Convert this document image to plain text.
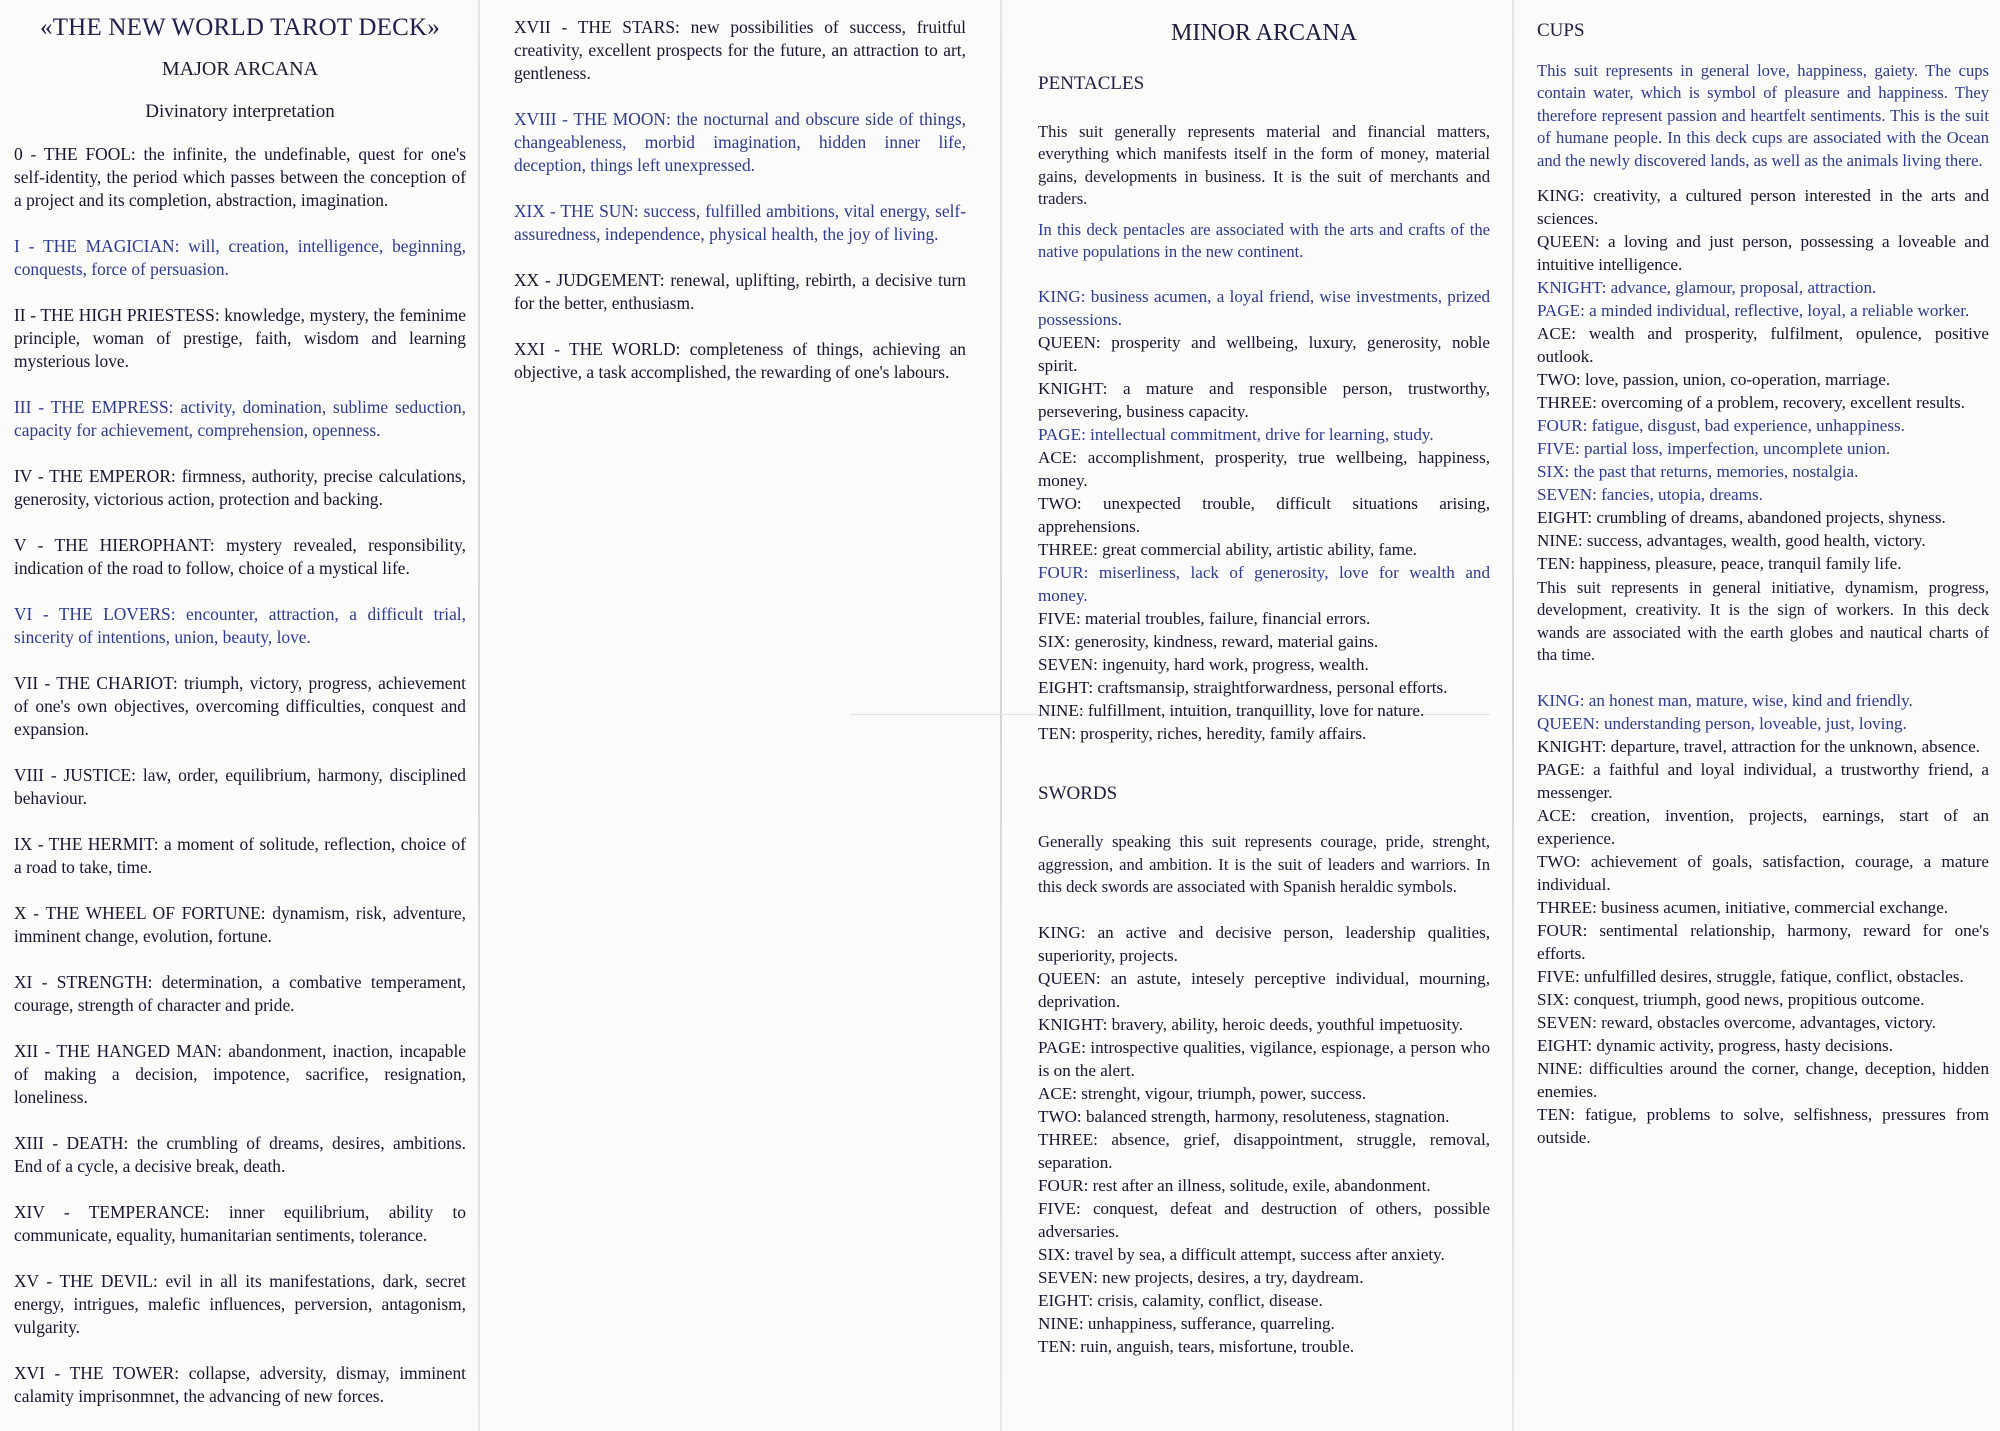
«THE NEW WORLD TAROT DECK»
MAJOR ARCANA
Divinatory interpretation

0 - THE FOOL: the infinite, the undefinable, quest for one's self-identity, the period which passes between the conception of a project and its completion, abstraction, imagination.

I - THE MAGICIAN: will, creation, intelligence, beginning, conquests, force of persuasion.

II - THE HIGH PRIESTESS: knowledge, mystery, the feminime principle, woman of prestige, faith, wisdom and learning mysterious love.

III - THE EMPRESS: activity, domination, sublime seduction, capacity for achievement, comprehension, openness.

IV - THE EMPEROR: firmness, authority, precise calculations, generosity, victorious action, protection and backing.

V - THE HIEROPHANT: mystery revealed, responsibility, indication of the road to follow, choice of a mystical life.

VI - THE LOVERS: encounter, attraction, a difficult trial, sincerity of intentions, union, beauty, love.

VII - THE CHARIOT: triumph, victory, progress, achievement of one's own objectives, overcoming difficulties, conquest and expansion.

VIII - JUSTICE: law, order, equilibrium, harmony, disciplined behaviour.

IX - THE HERMIT: a moment of solitude, reflection, choice of a road to take, time.

X - THE WHEEL OF FORTUNE: dynamism, risk, adventure, imminent change, evolution, fortune.

XI - STRENGTH: determination, a combative temperament, courage, strength of character and pride.

XII - THE HANGED MAN: abandonment, inaction, incapable of making a decision, impotence, sacrifice, resignation, loneliness.

XIII - DEATH: the crumbling of dreams, desires, ambitions. End of a cycle, a decisive break, death.

XIV - TEMPERANCE: inner equilibrium, ability to communicate, equality, humanitarian sentiments, tolerance.

XV - THE DEVIL: evil in all its manifestations, dark, secret energy, intrigues, malefic influences, perversion, antagonism, vulgarity.

XVI - THE TOWER: collapse, adversity, dismay, imminent calamity imprisonmnet, the advancing of new forces.

XVII - THE STARS: new possibilities of success, fruitful creativity, excellent prospects for the future, an attraction to art, gentleness.

XVIII - THE MOON: the nocturnal and obscure side of things, changeableness, morbid imagination, hidden inner life, deception, things left unexpressed.

XIX - THE SUN: success, fulfilled ambitions, vital energy, self-assuredness, independence, physical health, the joy of living.

XX - JUDGEMENT: renewal, uplifting, rebirth, a decisive turn for the better, enthusiasm.

XXI - THE WORLD: completeness of things, achieving an objective, a task accomplished, the rewarding of one's labours.

MINOR ARCANA
PENTACLES

This suit generally represents material and financial matters, everything which manifests itself in the form of money, material gains, developments in business. It is the suit of merchants and traders.

In this deck pentacles are associated with the arts and crafts of the native populations in the new continent.

KING: business acumen, a loyal friend, wise investments, prized possessions.

QUEEN: prosperity and wellbeing, luxury, generosity, noble spirit.

KNIGHT: a mature and responsible person, trustworthy, persevering, business capacity.

PAGE: intellectual commitment, drive for learning, study.

ACE: accomplishment, prosperity, true wellbeing, happiness, money.

TWO: unexpected trouble, difficult situations arising, apprehensions.

THREE: great commercial ability, artistic ability, fame.

FOUR: miserliness, lack of generosity, love for wealth and money.

FIVE: material troubles, failure, financial errors.

SIX: generosity, kindness, reward, material gains.

SEVEN: ingenuity, hard work, progress, wealth.

EIGHT: craftsmansip, straightforwardness, personal efforts.

NINE: fulfillment, intuition, tranquillity, love for nature.

TEN: prosperity, riches, heredity, family affairs.

SWORDS

Generally speaking this suit represents courage, pride, strenght, aggression, and ambition. It is the suit of leaders and warriors. In this deck swords are associated with Spanish heraldic symbols.

KING: an active and decisive person, leadership qualities, superiority, projects.

QUEEN: an astute, intesely perceptive individual, mourning, deprivation.

KNIGHT: bravery, ability, heroic deeds, youthful impetuosity.

PAGE: introspective qualities, vigilance, espionage, a person who is on the alert.

ACE: strenght, vigour, triumph, power, success.

TWO: balanced strength, harmony, resoluteness, stagnation.

THREE: absence, grief, disappointment, struggle, removal, separation.

FOUR: rest after an illness, solitude, exile, abandonment.

FIVE: conquest, defeat and destruction of others, possible adversaries.

SIX: travel by sea, a difficult attempt, success after anxiety.

SEVEN: new projects, desires, a try, daydream.

EIGHT: crisis, calamity, conflict, disease.

NINE: unhappiness, sufferance, quarreling.

TEN: ruin, anguish, tears, misfortune, trouble.

CUPS

This suit represents in general love, happiness, gaiety. The cups contain water, which is symbol of pleasure and happiness. They therefore represent passion and heartfelt sentiments. This is the suit of humane people. In this deck cups are associated with the Ocean and the newly discovered lands, as well as the animals living there.

KING: creativity, a cultured person interested in the arts and sciences.

QUEEN: a loving and just person, possessing a loveable and intuitive intelligence.

KNIGHT: advance, glamour, proposal, attraction.

PAGE: a minded individual, reflective, loyal, a reliable worker.

ACE: wealth and prosperity, fulfilment, opulence, positive outlook.

TWO: love, passion, union, co-operation, marriage.

THREE: overcoming of a problem, recovery, excellent results.

FOUR: fatigue, disgust, bad experience, unhappiness.

FIVE: partial loss, imperfection, uncomplete union.

SIX: the past that returns, memories, nostalgia.

SEVEN: fancies, utopia, dreams.

EIGHT: crumbling of dreams, abandoned projects, shyness.

NINE: success, advantages, wealth, good health, victory.

TEN: happiness, pleasure, peace, tranquil family life.

This suit represents in general initiative, dynamism, progress, development, creativity. It is the sign of workers. In this deck wands are associated with the earth globes and nautical charts of tha time.

KING: an honest man, mature, wise, kind and friendly.

QUEEN: understanding person, loveable, just, loving.

KNIGHT: departure, travel, attraction for the unknown, absence.

PAGE: a faithful and loyal individual, a trustworthy friend, a messenger.

ACE: creation, invention, projects, earnings, start of an experience.

TWO: achievement of goals, satisfaction, courage, a mature individual.

THREE: business acumen, initiative, commercial exchange.

FOUR: sentimental relationship, harmony, reward for one's efforts.

FIVE: unfulfilled desires, struggle, fatique, conflict, obstacles.

SIX: conquest, triumph, good news, propitious outcome.

SEVEN: reward, obstacles overcome, advantages, victory.

EIGHT: dynamic activity, progress, hasty decisions.

NINE: difficulties around the corner, change, deception, hidden enemies.

TEN: fatigue, problems to solve, selfishness, pressures from outside.
